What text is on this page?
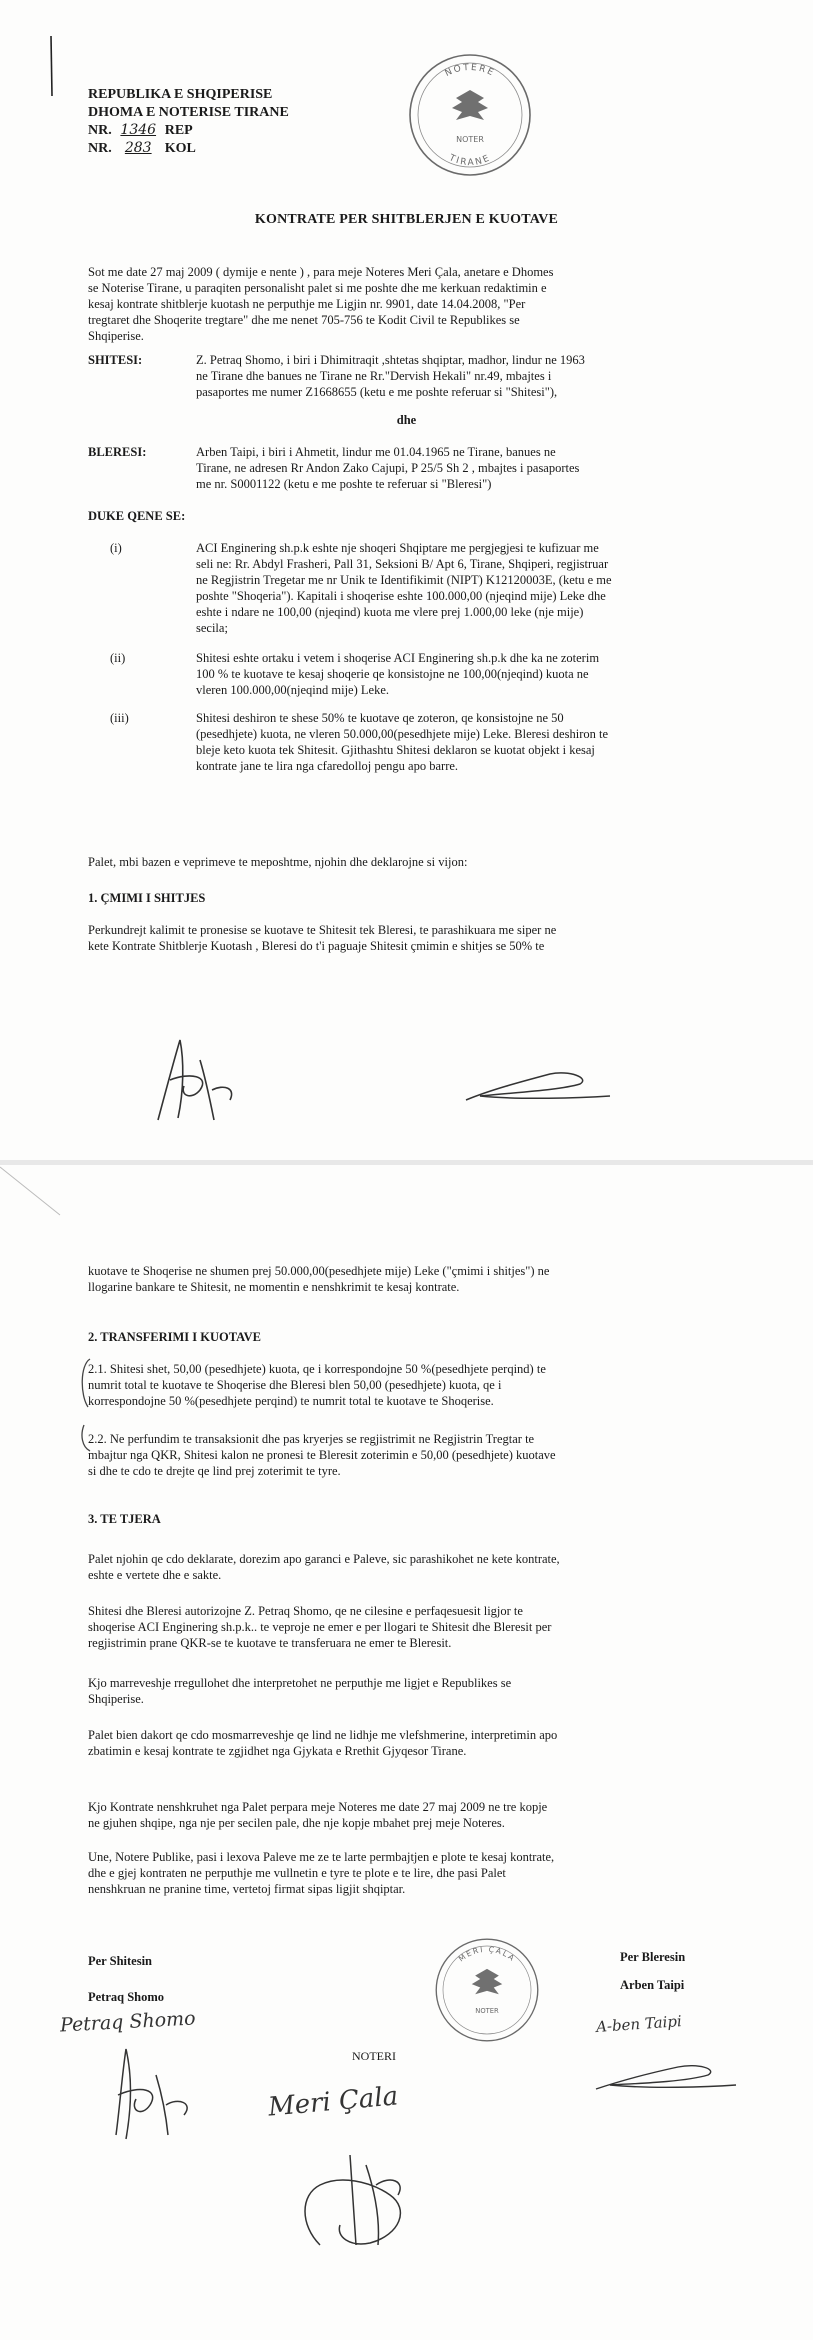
REPUBLIKA E SHQIPERISE
DHOMA E NOTERISE TIRANE
NR. 1346 REP
NR. 283 KOL
NOTERE
TIRANE
NOTER
KONTRATE PER SHITBLERJEN E KUOTAVE
Sot me date 27 maj 2009 ( dymije e nente ) , para meje Noteres Meri Çala, anetare e Dhomes
se Noterise Tirane, u paraqiten personalisht palet si me poshte dhe me kerkuan redaktimin e
kesaj kontrate shitblerje kuotash ne perputhje me Ligjin nr. 9901, date 14.04.2008, "Per
tregtaret dhe Shoqerite tregtare" dhe me nenet 705-756 te Kodit Civil te Republikes se
Shqiperise.
SHITESI:	Z. Petraq Shomo, i biri i Dhimitraqit ,shtetas shqiptar, madhor, lindur ne 1963
ne Tirane dhe banues ne Tirane ne Rr."Dervish Hekali" nr.49, mbajtes i
pasaportes me numer Z1668655 (ketu e me poshte referuar si "Shitesi"),
dhe
BLERESI:	Arben Taipi, i biri i Ahmetit, lindur me 01.04.1965 ne Tirane, banues ne
Tirane, ne adresen Rr Andon Zako Cajupi, P 25/5 Sh 2 , mbajtes i pasaportes
me nr. S0001122 (ketu e me poshte te referuar si "Bleresi")
DUKE QENE SE:
(i)	ACI Enginering sh.p.k eshte nje shoqeri Shqiptare me pergjegjesi te kufizuar me
seli ne: Rr. Abdyl Frasheri, Pall 31, Seksioni B/ Apt 6, Tirane, Shqiperi, regjistruar
ne Regjistrin Tregetar me nr Unik te Identifikimit (NIPT) K12120003E, (ketu e me
poshte "Shoqeria"). Kapitali i shoqerise eshte 100.000,00 (njeqind mije) Leke dhe
eshte i ndare ne 100,00 (njeqind) kuota me vlere prej 1.000,00 leke (nje mije)
secila;
(ii)	Shitesi eshte ortaku i vetem i shoqerise ACI Enginering sh.p.k dhe ka ne zoterim
100 % te kuotave te kesaj shoqerie qe konsistojne ne 100,00(njeqind) kuota ne
vleren 100.000,00(njeqind mije) Leke.
(iii)	Shitesi deshiron te shese 50% te kuotave qe zoteron, qe konsistojne ne 50
(pesedhjete) kuota, ne vleren 50.000,00(pesedhjete mije) Leke. Bleresi deshiron te
bleje keto kuota tek Shitesit. Gjithashtu Shitesi deklaron se kuotat objekt i kesaj
kontrate jane te lira nga cfaredolloj pengu apo barre.
Palet, mbi bazen e veprimeve te meposhtme, njohin dhe deklarojne si vijon:
1. ÇMIMI I SHITJES
Perkundrejt kalimit te pronesise se kuotave te Shitesit tek Bleresi, te parashikuara me siper ne
kete Kontrate Shitblerje Kuotash , Bleresi do t'i paguaje Shitesit çmimin e shitjes se 50% te
kuotave te Shoqerise ne shumen prej 50.000,00(pesedhjete mije) Leke ("çmimi i shitjes") ne
llogarine bankare te Shitesit, ne momentin e nenshkrimit te kesaj kontrate.
2. TRANSFERIMI I KUOTAVE
2.1. Shitesi shet, 50,00 (pesedhjete) kuota, qe i korrespondojne 50 %(pesedhjete perqind) te
numrit total te kuotave te Shoqerise dhe Bleresi blen 50,00 (pesedhjete) kuota, qe i
korrespondojne 50 %(pesedhjete perqind) te numrit total te kuotave te Shoqerise.
2.2. Ne perfundim te transaksionit dhe pas kryerjes se regjistrimit ne Regjistrin Tregtar te
mbajtur nga QKR, Shitesi kalon ne pronesi te Bleresit zoterimin e 50,00 (pesedhjete) kuotave
si dhe te cdo te drejte qe lind prej zoterimit te tyre.
3. TE TJERA
Palet njohin qe cdo deklarate, dorezim apo garanci e Paleve, sic parashikohet ne kete kontrate,
eshte e vertete dhe e sakte.
Shitesi dhe Bleresi autorizojne Z. Petraq Shomo, qe ne cilesine e perfaqesuesit ligjor te
shoqerise ACI Enginering sh.p.k.. te veproje ne emer e per llogari te Shitesit dhe Bleresit per
regjistrimin prane QKR-se te kuotave te transferuara ne emer te Bleresit.
Kjo marreveshje rregullohet dhe interpretohet ne perputhje me ligjet e Republikes se
Shqiperise.
Palet bien dakort qe cdo mosmarreveshje qe lind ne lidhje me vlefshmerine, interpretimin apo
zbatimin e kesaj kontrate te zgjidhet nga Gjykata e Rrethit Gjyqesor Tirane.
Kjo Kontrate nenshkruhet nga Palet perpara meje Noteres me date 27 maj 2009 ne tre kopje
ne gjuhen shqipe, nga nje per secilen pale, dhe nje kopje mbahet prej meje Noteres.
Une, Notere Publike, pasi i lexova Paleve me ze te larte permbajtjen e plote te kesaj kontrate,
dhe e gjej kontraten ne perputhje me vullnetin e tyre te plote e te lire, dhe pasi Palet
nenshkruan ne pranine time, vertetoj firmat sipas ligjit shqiptar.
Per Shitesin
Petraq Shomo
Per Bleresin
Arben Taipi
MERI ÇALA
NOTER
NOTERI
Petraq Shomo	A-ben Taipi
Meri Çala
